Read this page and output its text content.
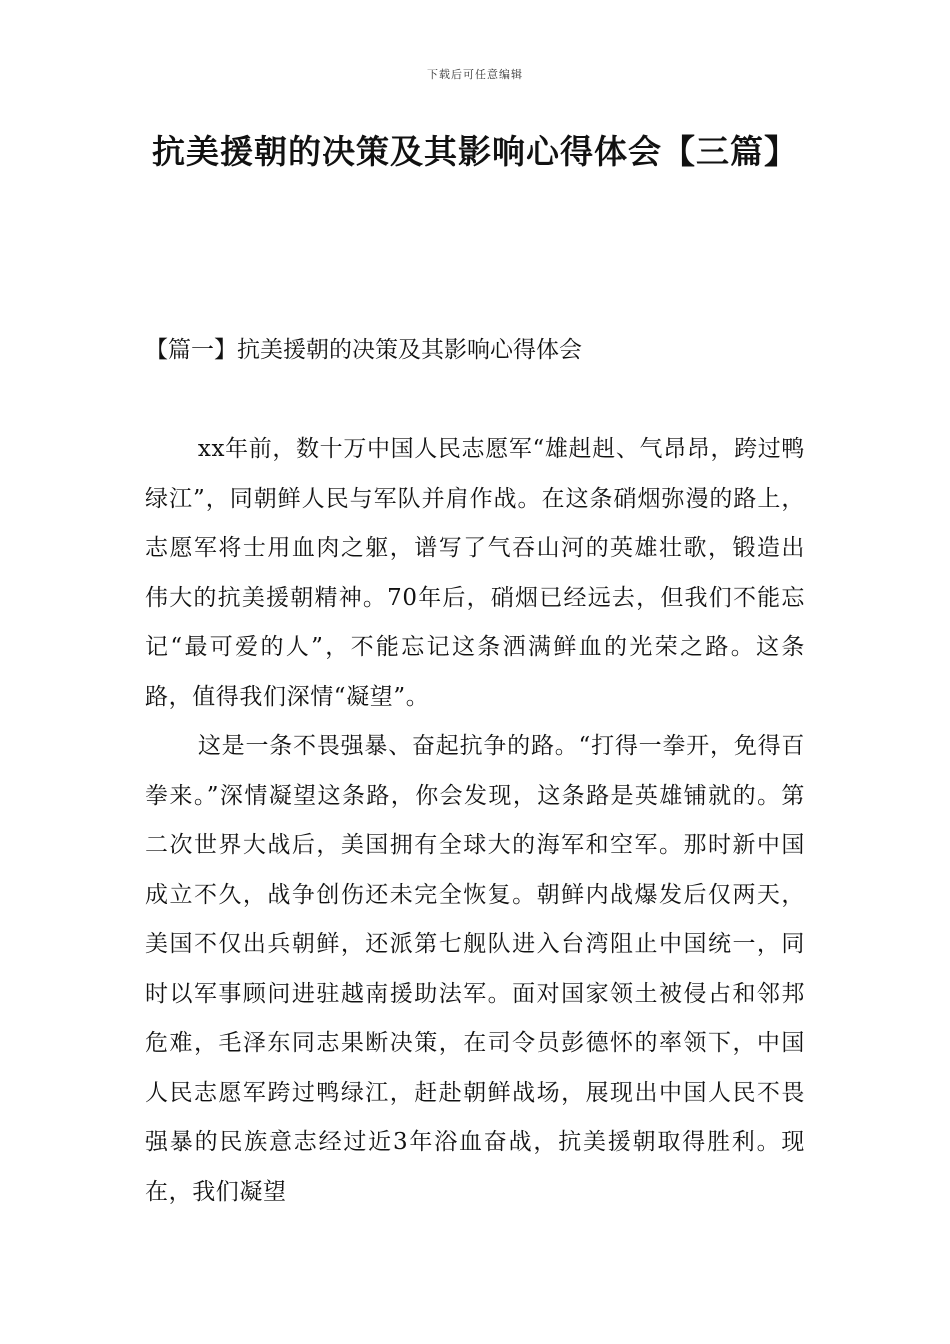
下载后可任意编辑
抗美援朝的决策及其影响心得体会【三篇】
【篇一】抗美援朝的决策及其影响心得体会

xx年前，数十万中国人民志愿军“雄赳赳、气昂昂，跨过鸭绿江”，同朝鲜人民与军队并肩作战。在这条硝烟弥漫的路上，志愿军将士用血肉之躯，谱写了气吞山河的英雄壮歌，锻造出伟大的抗美援朝精神。70年后，硝烟已经远去，但我们不能忘记“最可爱的人”，不能忘记这条洒满鲜血的光荣之路。这条路，值得我们深情“凝望”。

这是一条不畏强暴、奋起抗争的路。“打得一拳开，免得百拳来。”深情凝望这条路，你会发现，这条路是英雄铺就的。第二次世界大战后，美国拥有全球大的海军和空军。那时新中国成立不久，战争创伤还未完全恢复。朝鲜内战爆发后仅两天，美国不仅出兵朝鲜，还派第七舰队进入台湾阻止中国统一，同时以军事顾问进驻越南援助法军。面对国家领土被侵占和邻邦危难，毛泽东同志果断决策，在司令员彭德怀的率领下，中国人民志愿军跨过鸭绿江，赶赴朝鲜战场，展现出中国人民不畏强暴的民族意志经过近3年浴血奋战，抗美援朝取得胜利。现在，我们凝望
